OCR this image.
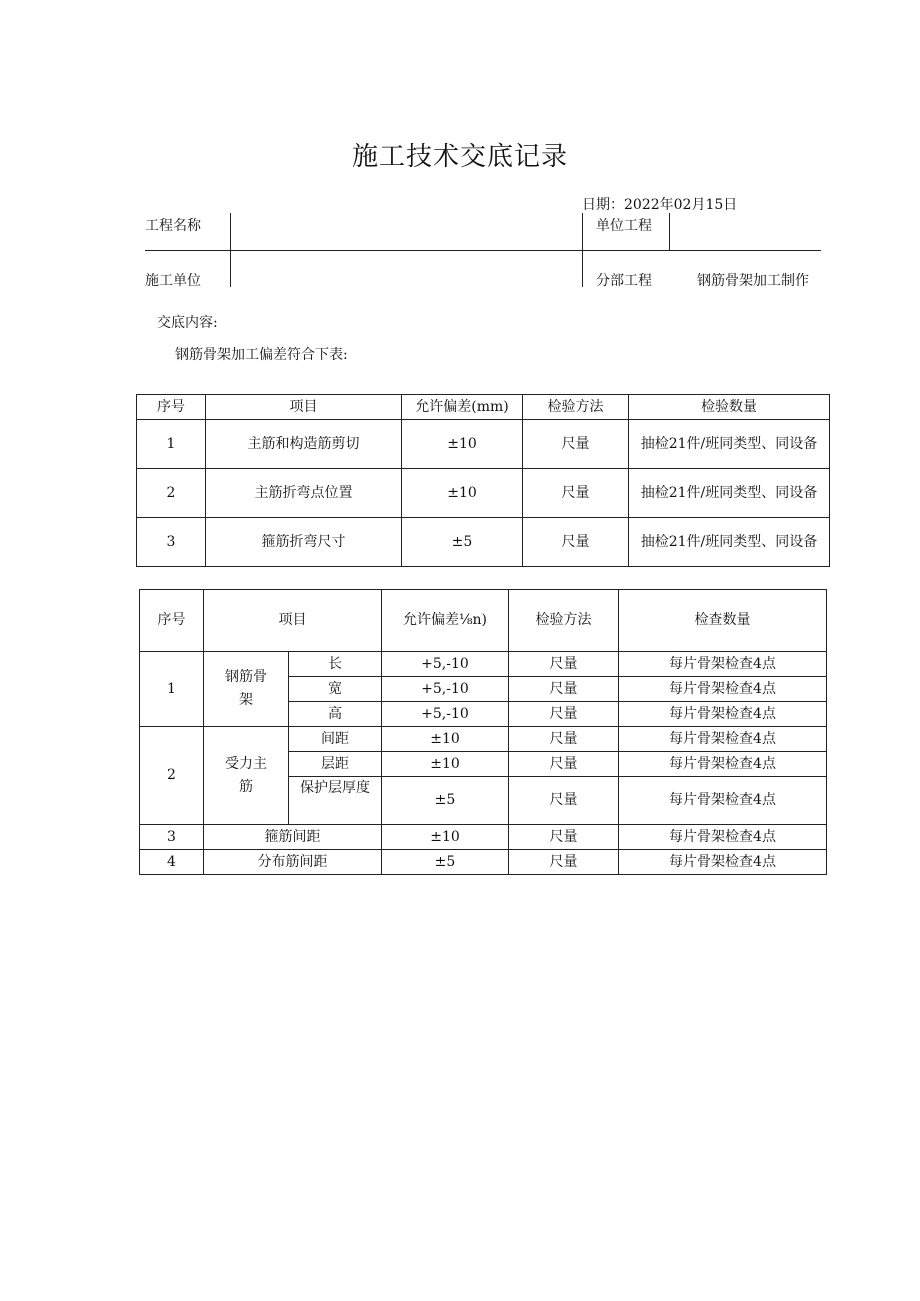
施工技术交底记录
日期：2022年02月15日
工程名称	单位工程
施工单位	分部工程	钢筋骨架加工制作
交底内容:
钢筋骨架加工偏差符合下表:
序号	项目	允许偏差(mm)	检验方法	检验数量
1	主筋和构造筋剪切	±10	尺量	抽检21件/班同类型、同设备
2	主筋折弯点位置	±10	尺量	抽检21件/班同类型、同设备
3	箍筋折弯尺寸	±5	尺量	抽检21件/班同类型、同设备
序号	项目		允许偏差⅛n)	检验方法	检查数量
1	钢筋骨架	长	+5,-10	尺量	每片骨架检查4点
		宽	+5,-10	尺量	每片骨架检查4点
		高	+5,-10	尺量	每片骨架检查4点
2	受力主筋	间距	±10	尺量	每片骨架检查4点
		层距	±10	尺量	每片骨架检查4点
		保护层厚度	±5	尺量	每片骨架检查4点
3	箍筋间距		±10	尺量	每片骨架检查4点
4	分布筋间距		±5	尺量	每片骨架检查4点
